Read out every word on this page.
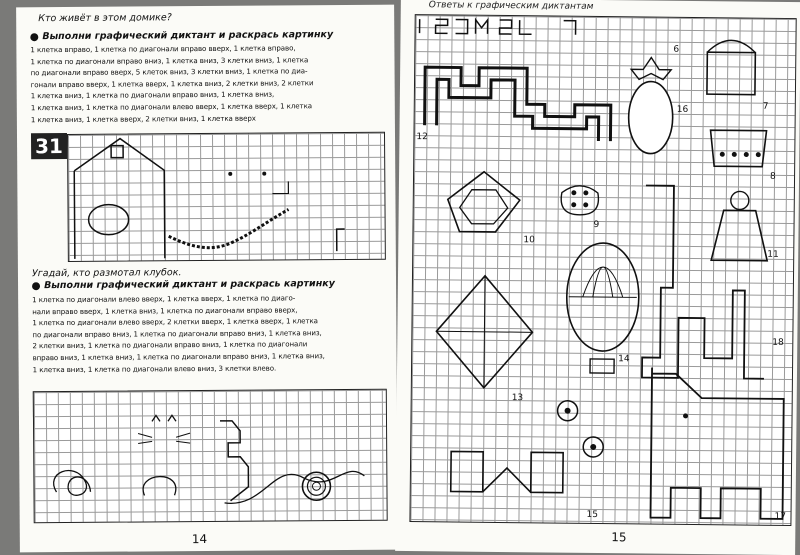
Кто живёт в этом домике?
Выполни графический диктант и раскрась картинку
1 клетка вправо, 1 клетка по диагонали вправо вверх, 1 клетка вправо,
1 клетка по диагонали вправо вниз, 1 клетка вниз, 3 клетки вниз, 1 клетка
по диагонали вправо вверх, 5 клеток вниз, 3 клетки вниз, 1 клетка по диа-
гонали вправо вверх, 1 клетка вверх, 1 клетка вниз, 2 клетки вниз, 2 клетки
1 клетка вниз, 1 клетка по диагонали вправо вниз, 1 клетка вниз,
1 клетка вниз, 1 клетка по диагонали влево вверх, 1 клетка вверх, 1 клетка
1 клетка вниз, 1 клетка вверх, 2 клетки вниз, 1 клетка вверх
31
Угадай, кто размотал клубок.
Выполни графический диктант и раскрась картинку
1 клетка по диагонали влево вверх, 1 клетка вверх, 1 клетка по диаго-
нали вправо вверх, 1 клетка вниз, 1 клетка по диагонали вправо вверх,
1 клетка по диагонали влево вверх, 2 клетки вверх, 1 клетка вверх, 1 клетка
по диагонали вправо вниз, 1 клетка по диагонали вправо вниз, 1 клетка вниз,
2 клетки вниз, 1 клетка по диагонали вправо вниз, 1 клетка по диагонали
вправо вниз, 1 клетка вниз, 1 клетка по диагонали вправо вниз, 1 клетка вниз,
1 клетка вниз, 1 клетка по диагонали влево вниз, 3 клетки влево.
14
Ответы к графическим диктантам
6
7
8
9
10
11
12
13
14
15
16
17
18
15
